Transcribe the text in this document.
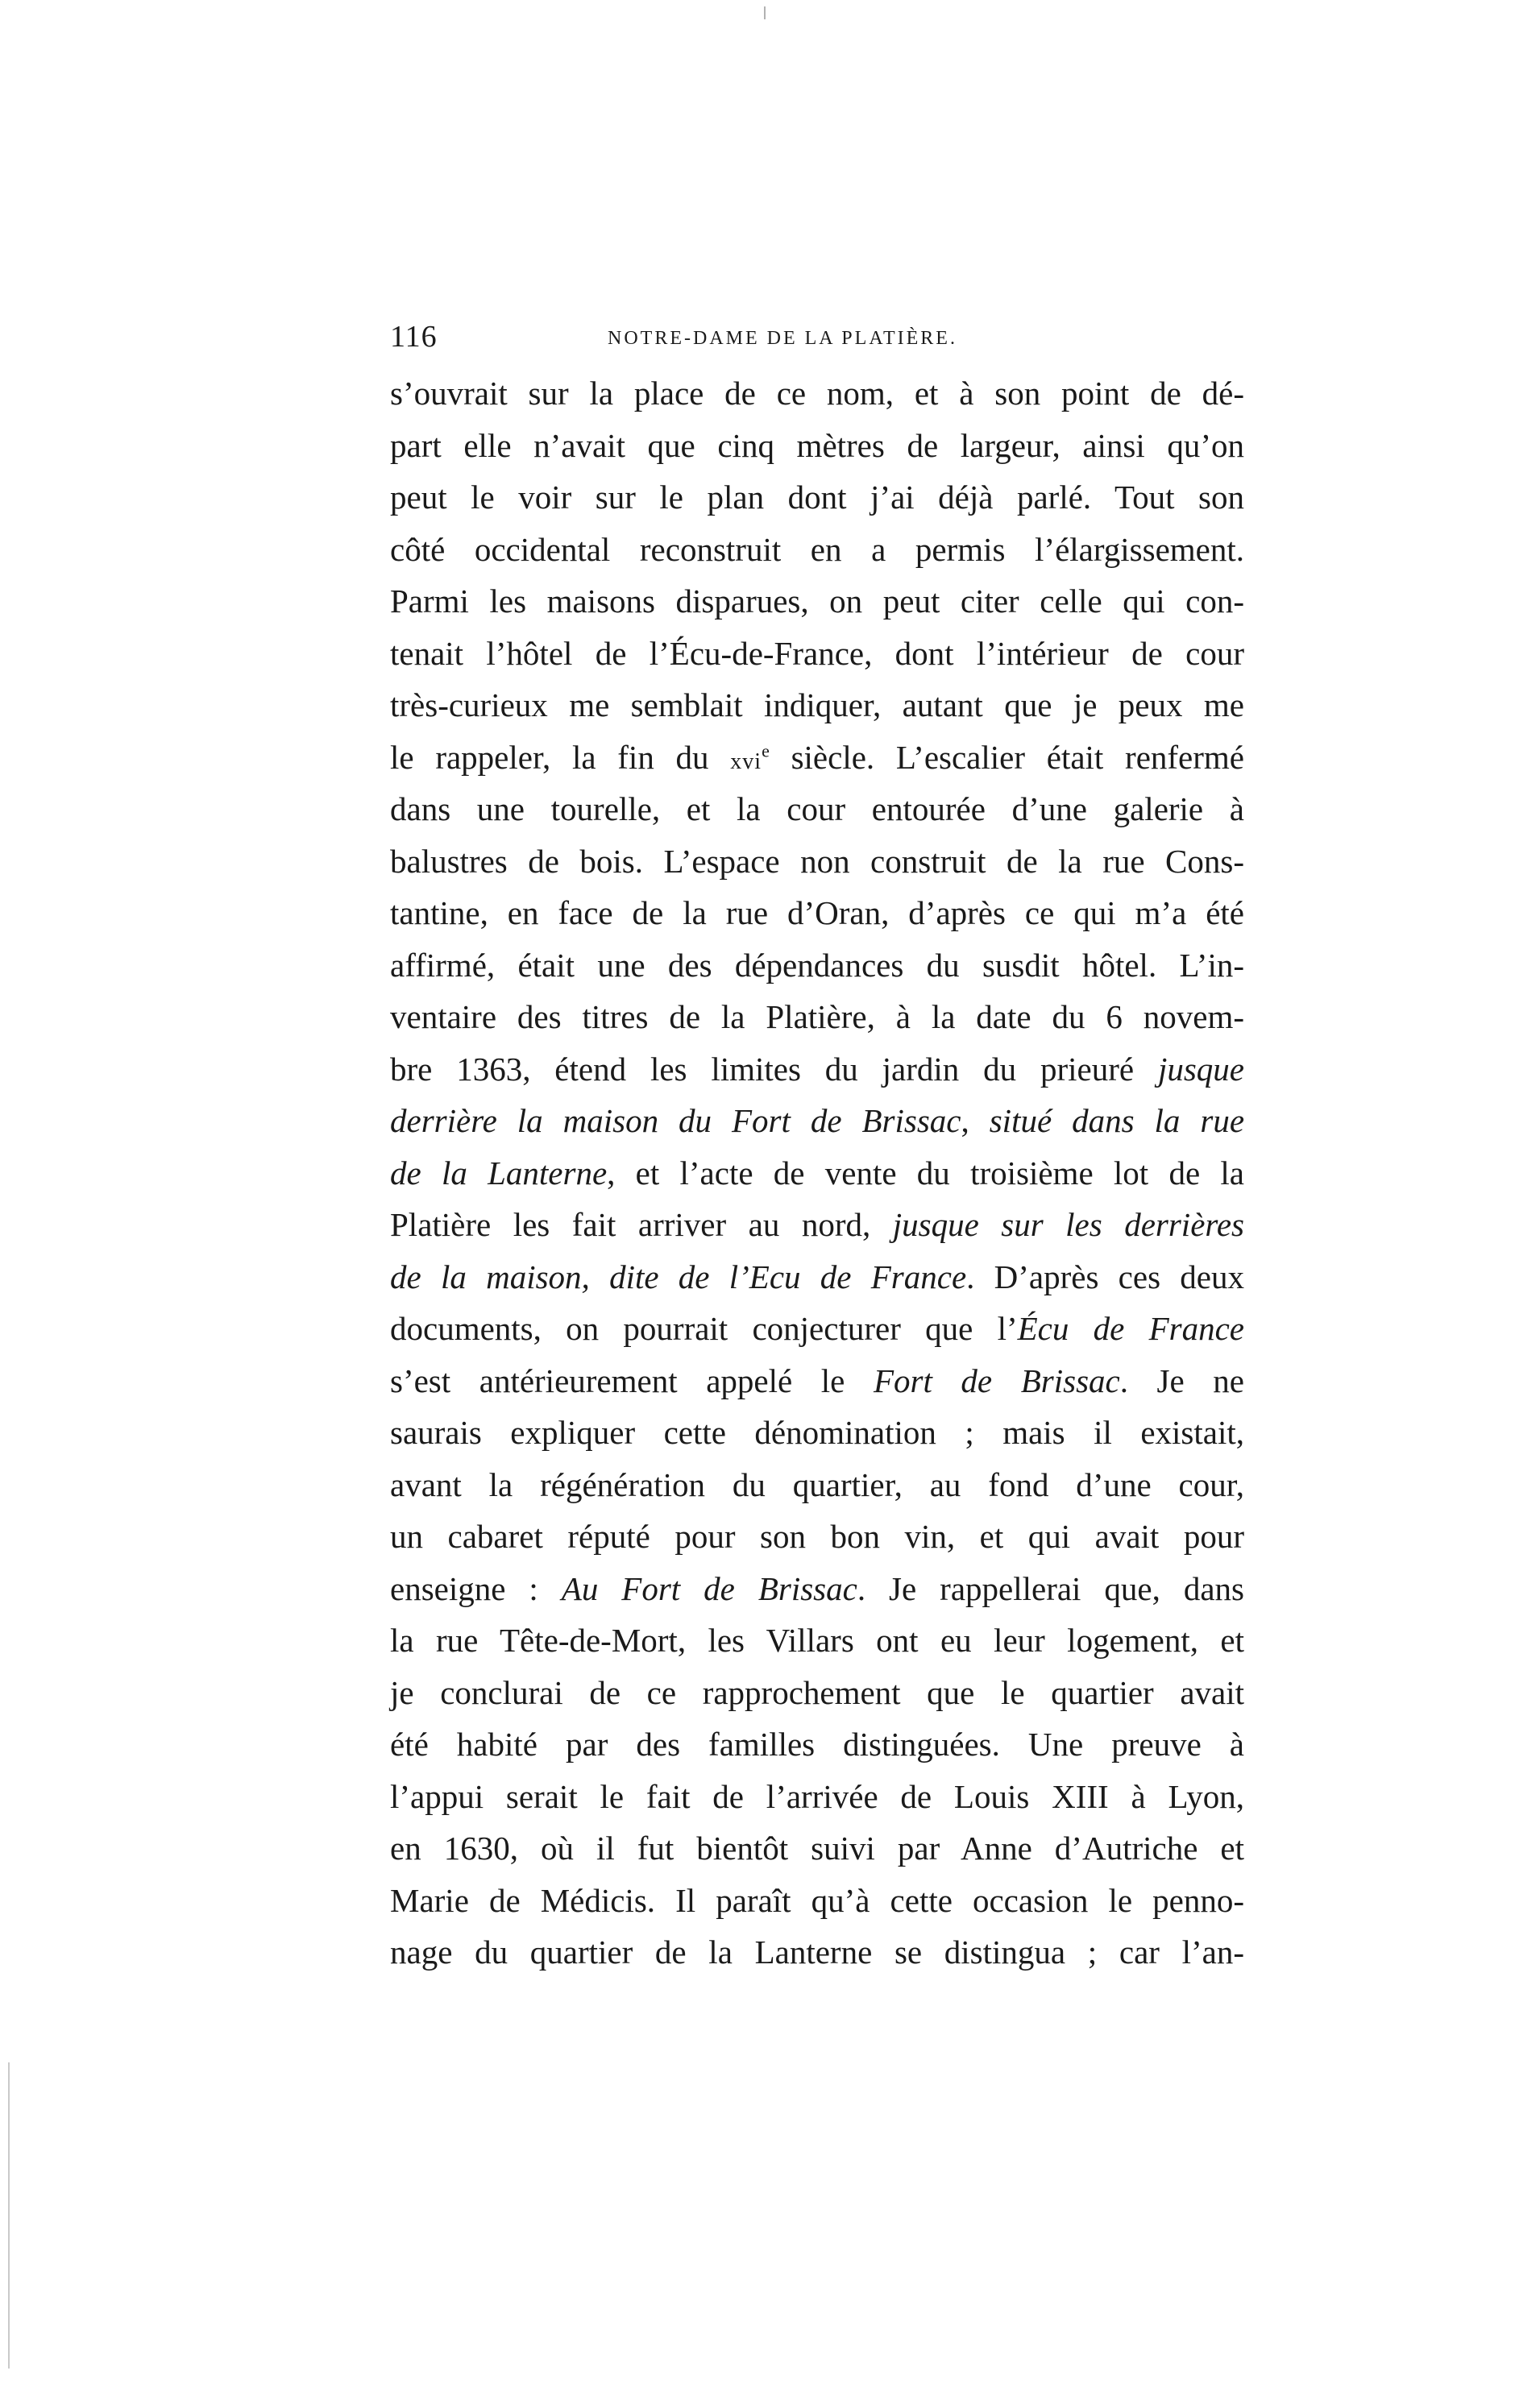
116	NOTRE-DAME DE LA PLATIÈRE.
s’ouvrait sur la place de ce nom, et à son point de dé-
part elle n’avait que cinq mètres de largeur, ainsi qu’on
peut le voir sur le plan dont j’ai déjà parlé. Tout son
côté occidental reconstruit en a permis l’élargissement.
Parmi les maisons disparues, on peut citer celle qui con-
tenait l’hôtel de l’Écu-de-France, dont l’intérieur de cour
très-curieux me semblait indiquer, autant que je peux me
le rappeler, la fin du xvi$^e$ siècle. L’escalier était renfermé
dans une tourelle, et la cour entourée d’une galerie à
balustres de bois. L’espace non construit de la rue Cons-
tantine, en face de la rue d’Oran, d’après ce qui m’a été
affirmé, était une des dépendances du susdit hôtel. L’in-
ventaire des titres de la Platière, à la date du 6 novem-
bre 1363, étend les limites du jardin du prieuré jusque
derrière la maison du Fort de Brissac, situé dans la rue
de la Lanterne, et l’acte de vente du troisième lot de la
Platière les fait arriver au nord, jusque sur les derrières
de la maison, dite de l’Ecu de France. D’après ces deux
documents, on pourrait conjecturer que l’Écu de France
s’est antérieurement appelé le Fort de Brissac. Je ne
saurais expliquer cette dénomination ; mais il existait,
avant la régénération du quartier, au fond d’une cour,
un cabaret réputé pour son bon vin, et qui avait pour
enseigne : Au Fort de Brissac. Je rappellerai que, dans
la rue Tête-de-Mort, les Villars ont eu leur logement, et
je conclurai de ce rapprochement que le quartier avait
été habité par des familles distinguées. Une preuve à
l’appui serait le fait de l’arrivée de Louis XIII à Lyon,
en 1630, où il fut bientôt suivi par Anne d’Autriche et
Marie de Médicis. Il paraît qu’à cette occasion le penno-
nage du quartier de la Lanterne se distingua ; car l’an-
